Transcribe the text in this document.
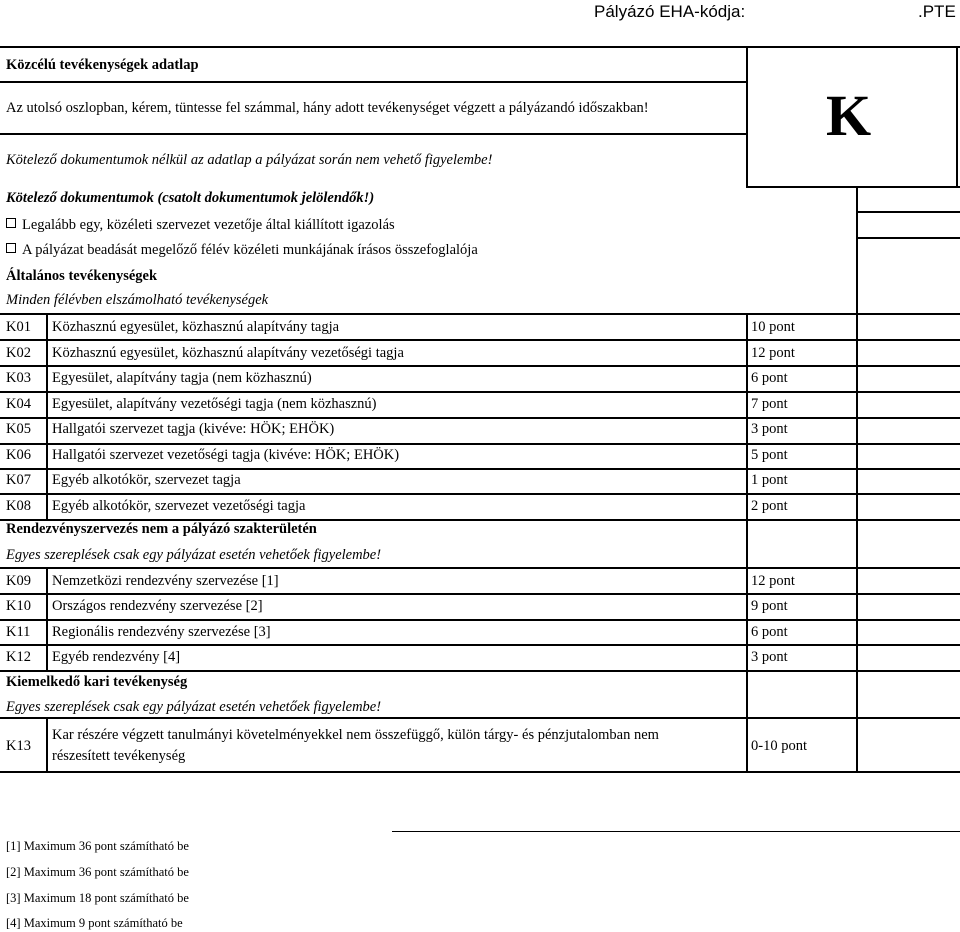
Pályázó EHA-kódja:	.PTE
Közcélú tevékenységek adatlap
Az utolsó oszlopban, kérem, tüntesse fel számmal, hány adott tevékenységet végzett a pályázandó időszakban!
Kötelező dokumentumok nélkül az adatlap a pályázat során nem vehető figyelembe!
K
Kötelező dokumentumok (csatolt dokumentumok jelölendők!)
Legalább egy, közéleti szervezet vezetője által kiállított igazolás
A pályázat beadását megelőző félév közéleti munkájának írásos összefoglalója
Általános tevékenységek
Minden félévben elszámolható tevékenységek
K01 Közhasznú egyesület, közhasznú alapítvány tagja	10 pont
K02 Közhasznú egyesület, közhasznú alapítvány vezetőségi tagja	12 pont
K03 Egyesület, alapítvány tagja (nem közhasznú)	6 pont
K04 Egyesület, alapítvány vezetőségi tagja (nem közhasznú)	7 pont
K05 Hallgatói szervezet tagja (kivéve: HÖK; EHÖK)	3 pont
K06 Hallgatói szervezet vezetőségi tagja (kivéve: HÖK; EHÖK)	5 pont
K07 Egyéb alkotókör, szervezet tagja	1 pont
K08 Egyéb alkotókör, szervezet vezetőségi tagja	2 pont
Rendezvényszervezés nem a pályázó szakterületén
Egyes szereplések csak egy pályázat esetén vehetőek figyelembe!
K09 Nemzetközi rendezvény szervezése [1]	12 pont
K10 Országos rendezvény szervezése [2]	9 pont
K11 Regionális rendezvény szervezése [3]	6 pont
K12 Egyéb rendezvény [4]	3 pont
Kiemelkedő kari tevékenység
Egyes szereplések csak egy pályázat esetén vehetőek figyelembe!
K13
Kar részére végzett tanulmányi követelményekkel nem összefüggő, külön tárgy- és pénzjutalomban nem
részesített tevékenység
0-10 pont
[1] Maximum 36 pont számítható be
[2] Maximum 36 pont számítható be
[3] Maximum 18 pont számítható be
[4] Maximum 9 pont számítható be
